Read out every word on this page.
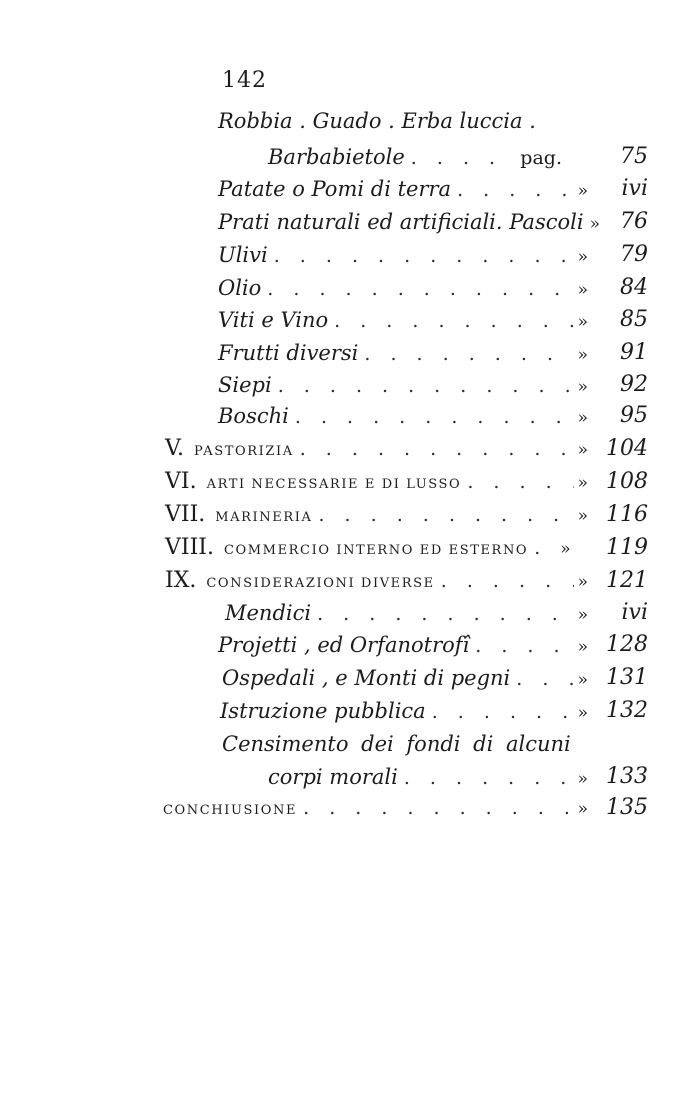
142
Robbia . Guado . Erba luccia .
Barbabietole . . .	pag.	75
Patate o Pomi di terra . . .	»	ivi
Prati naturali ed artificiali. Pascoli » 76
Ulivi . . .	»	79
Olio . . .	»	84
Viti e Vino . . .	»	85
Frutti diversi . . .	»	91
Siepi . . .	»	92
Boschi . . .	»	95
V. PASTORIZIA . . .	» 104
VI. ARTI NECESSARIE E DI LUSSO . . .	» 108
VII. MARINERIA . . .	» 116
VIII. COMMERCIO INTERNO ED ESTERNO . . . »	119
IX. CONSIDERAZIONI DIVERSE . . .	» 121
Mendici . . .	»	ivi
Projetti , ed Orfanotrofî . . .	» 128
Ospedali , e Monti di pegni . . .	» 131
Istruzione pubblica . . .	» 132
Censimento dei fondi di alcuni
corpi morali . . .	» 133
CONCHIUSIONE . . .	» 135
